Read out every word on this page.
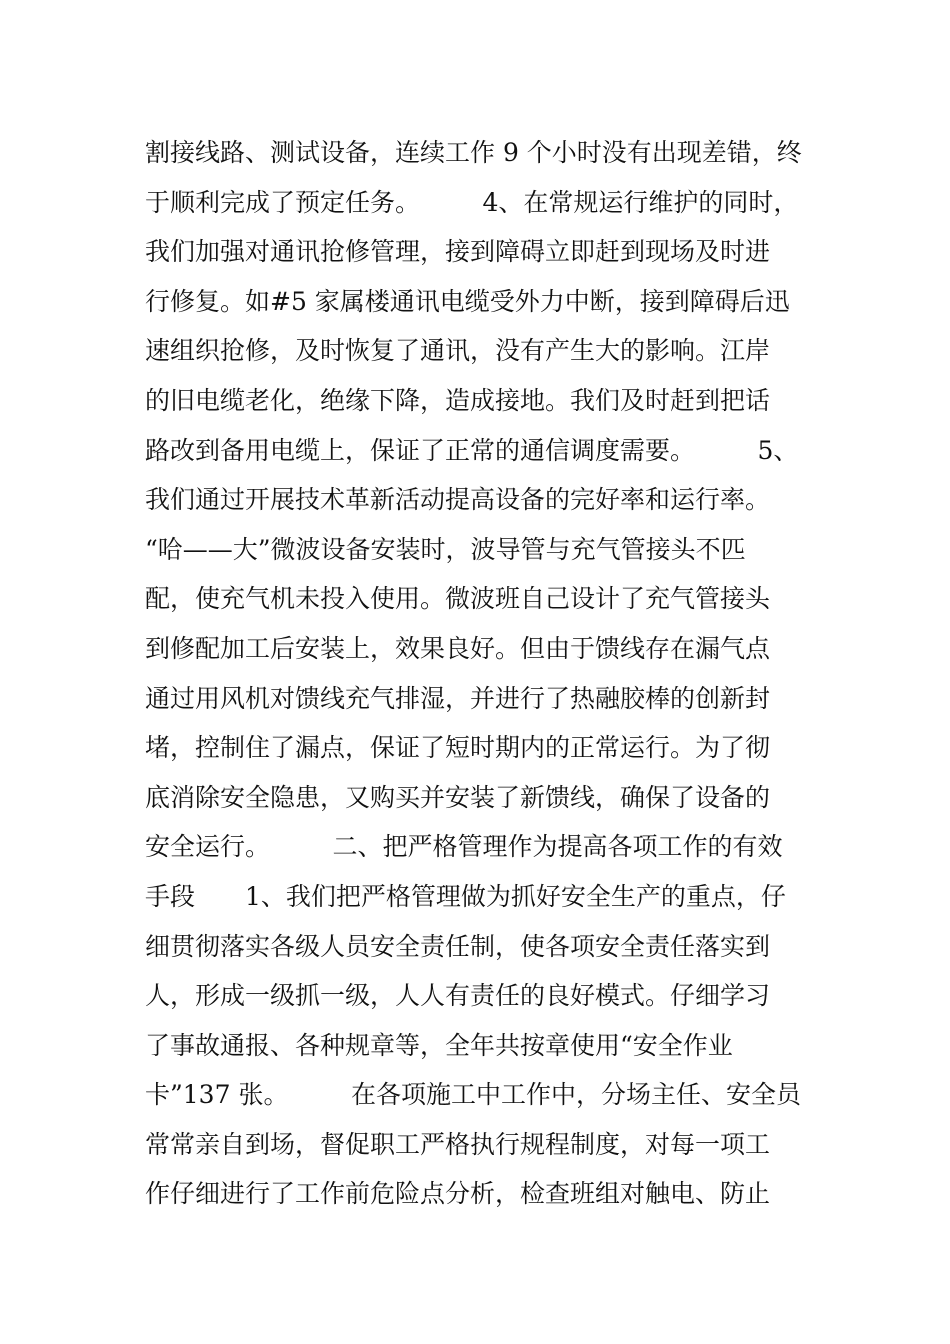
割接线路、测试设备，连续工作 9 个小时没有出现差错，终
于顺利完成了预定任务。　　　4、在常规运行维护的同时，
我们加强对通讯抢修管理，接到障碍立即赶到现场及时进
行修复。如#5 家属楼通讯电缆受外力中断，接到障碍后迅
速组织抢修，及时恢复了通讯，没有产生大的影响。江岸
的旧电缆老化，绝缘下降，造成接地。我们及时赶到把话
路改到备用电缆上，保证了正常的通信调度需要。　　　5、
我们通过开展技术革新活动提高设备的完好率和运行率。
“哈——大”微波设备安装时，波导管与充气管接头不匹
配，使充气机未投入使用。微波班自己设计了充气管接头
到修配加工后安装上，效果良好。但由于馈线存在漏气点
通过用风机对馈线充气排湿，并进行了热融胶棒的创新封
堵，控制住了漏点，保证了短时期内的正常运行。为了彻
底消除安全隐患，又购买并安装了新馈线，确保了设备的
安全运行。　　　二、把严格管理作为提高各项工作的有效
手段　　1、我们把严格管理做为抓好安全生产的重点，仔
细贯彻落实各级人员安全责任制，使各项安全责任落实到
人，形成一级抓一级，人人有责任的良好模式。仔细学习
了事故通报、各种规章等，全年共按章使用“安全作业
卡”137 张。　　　在各项施工中工作中，分场主任、安全员
常常亲自到场，督促职工严格执行规程制度，对每一项工
作仔细进行了工作前危险点分析，检查班组对触电、防止
